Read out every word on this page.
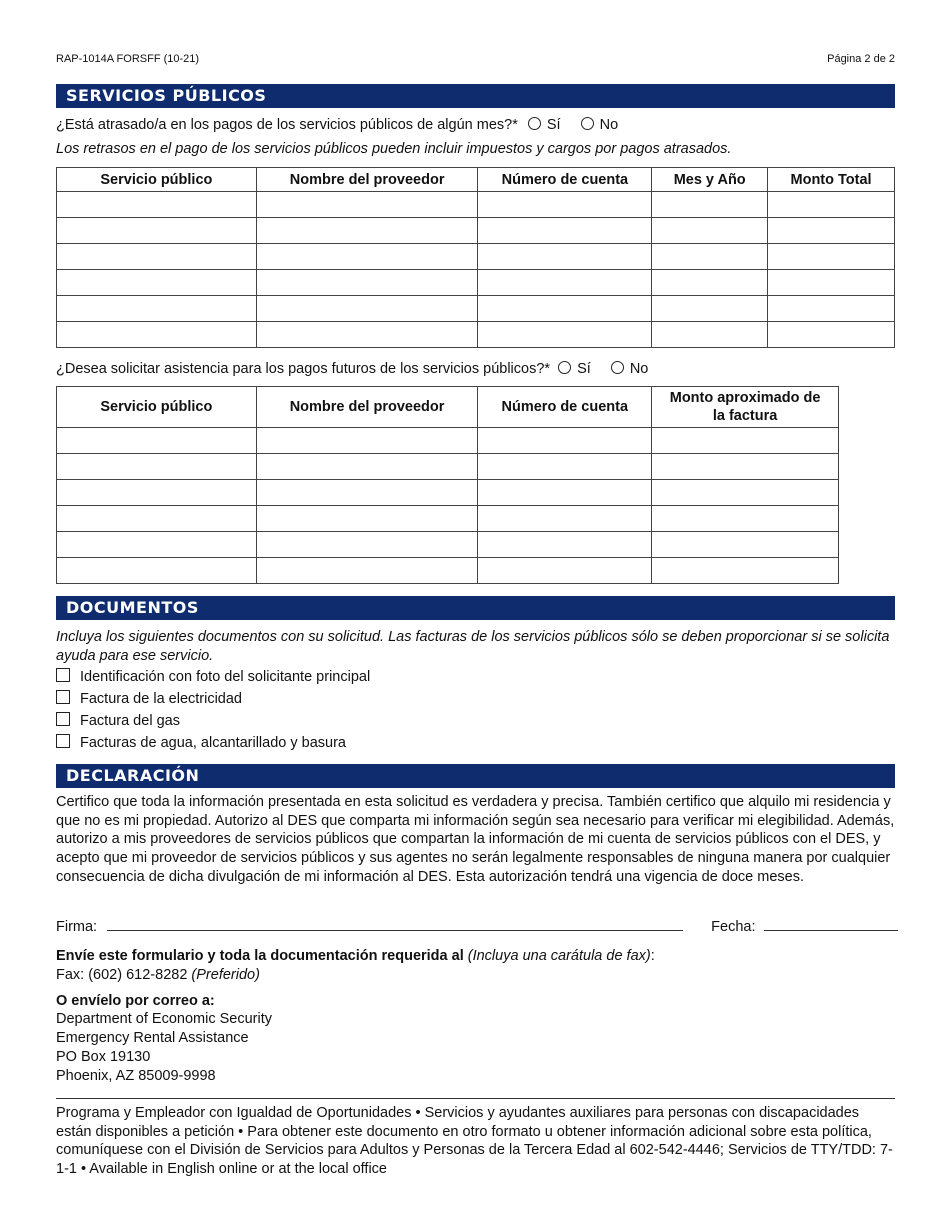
RAP-1014A FORSFF (10-21)	Página 2 de 2
SERVICIOS PÚBLICOS
¿Está atrasado/a en los pagos de los servicios públicos de algún mes?* Sí	No
Los retrasos en el pago de los servicios públicos pueden incluir impuestos y cargos por pagos atrasados.
Servicio público	Nombre del proveedor	Número de cuenta	Mes y Año	Monto Total

¿Desea solicitar asistencia para los pagos futuros de los servicios públicos?* Sí	No
Servicio público	Nombre del proveedor	Número de cuenta	Monto aproximado de la factura

DOCUMENTOS
Incluya los siguientes documentos con su solicitud. Las facturas de los servicios públicos sólo se deben proporcionar si se solicita ayuda para ese servicio.
Identificación con foto del solicitante principal
Factura de la electricidad
Factura del gas
Facturas de agua, alcantarillado y basura
DECLARACIÓN
Certifico que toda la información presentada en esta solicitud es verdadera y precisa. También certifico que alquilo mi residencia y que no es mi propiedad. Autorizo al DES que comparta mi información según sea necesario para verificar mi elegibilidad. Además, autorizo a mis proveedores de servicios públicos que compartan la información de mi cuenta de servicios públicos con el DES, y acepto que mi proveedor de servicios públicos y sus agentes no serán legalmente responsables de ninguna manera por cualquier consecuencia de dicha divulgación de mi información al DES. Esta autorización tendrá una vigencia de doce meses.
Firma:	Fecha:
Envíe este formulario y toda la documentación requerida al (Incluya una carátula de fax):
Fax: (602) 612-8282 (Preferido)
O envíelo por correo a:
Department of Economic Security
Emergency Rental Assistance
PO Box 19130
Phoenix, AZ 85009-9998
Programa y Empleador con Igualdad de Oportunidades • Servicios y ayudantes auxiliares para personas con discapacidades están disponibles a petición • Para obtener este documento en otro formato u obtener información adicional sobre esta política, comuníquese con el División de Servicios para Adultos y Personas de la Tercera Edad al 602-542-4446; Servicios de TTY/TDD: 7-1-1 • Available in English online or at the local office
